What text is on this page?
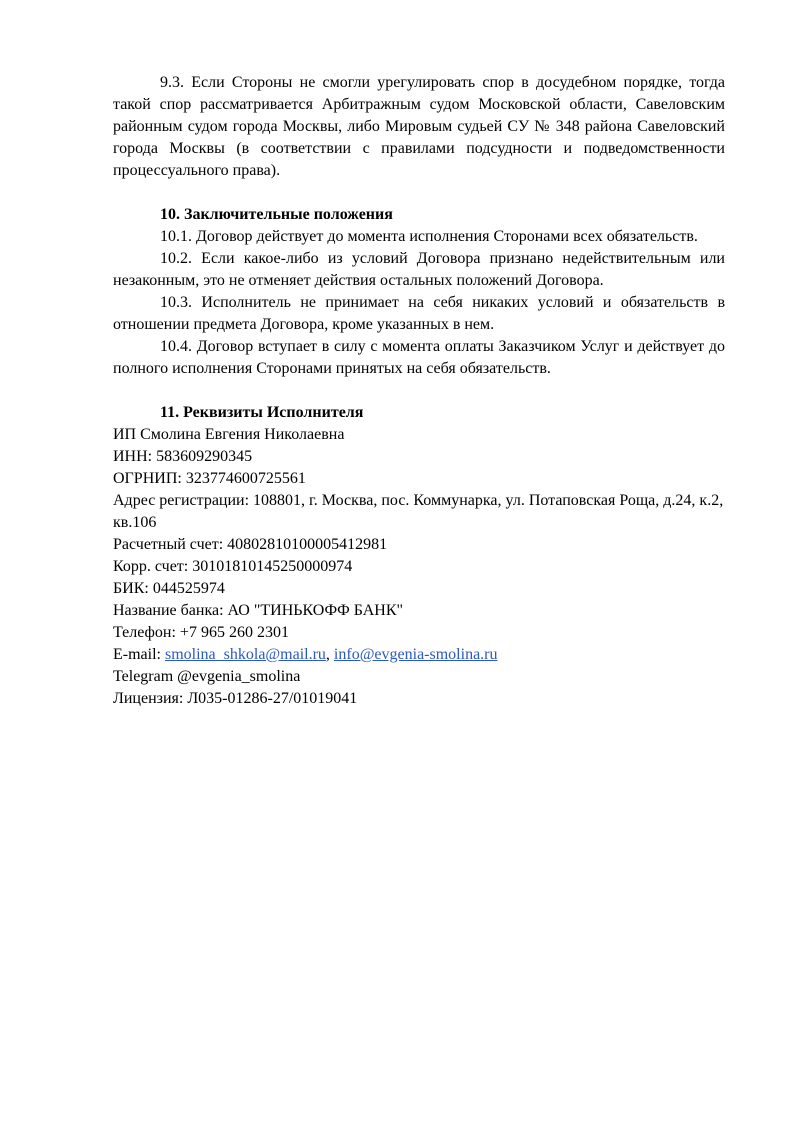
9.3. Если Стороны не смогли урегулировать спор в досудебном порядке, тогда такой спор рассматривается Арбитражным судом Московской области, Савеловским районным судом города Москвы, либо Мировым судьей СУ № 348 района Савеловский города Москвы (в соответствии с правилами подсудности и подведомственности процессуального права).

10. Заключительные положения

10.1. Договор действует до момента исполнения Сторонами всех обязательств.

10.2. Если какое-либо из условий Договора признано недействительным или незаконным, это не отменяет действия остальных положений Договора.

10.3. Исполнитель не принимает на себя никаких условий и обязательств в отношении предмета Договора, кроме указанных в нем.

10.4. Договор вступает в силу с момента оплаты Заказчиком Услуг и действует до полного исполнения Сторонами принятых на себя обязательств.

11. Реквизиты Исполнителя

ИП Смолина Евгения Николаевна

ИНН: 583609290345

ОГРНИП: 323774600725561

Адрес регистрации: 108801, г. Москва, пос. Коммунарка, ул. Потаповская Роща, д.24, к.2, кв.106

Расчетный счет: 40802810100005412981

Корр. счет: 30101810145250000974

БИК: 044525974

Название банка: АО "ТИНЬКОФФ БАНК"

Телефон: +7 965 260 2301

E-mail: smolina_shkola@mail.ru, info@evgenia-smolina.ru

Telegram @evgenia_smolina

Лицензия: Л035-01286-27/01019041
